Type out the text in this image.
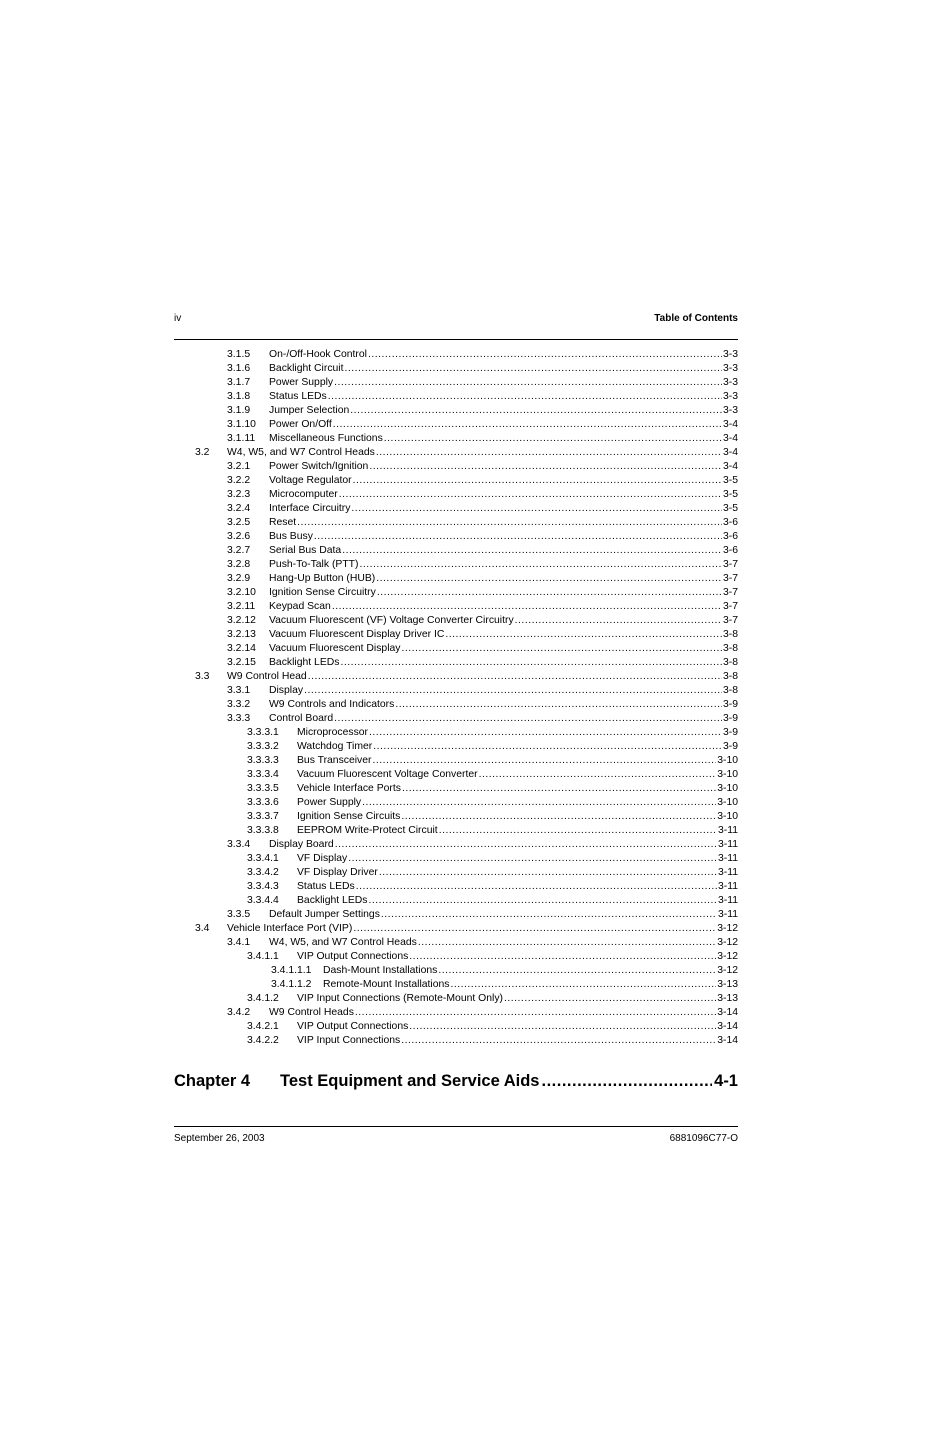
iv	Table of Contents
3.1.5	On-/Off-Hook Control .....	3-3
3.1.6	Backlight Circuit .....	3-3
3.1.7	Power Supply .....	3-3
3.1.8	Status LEDs .....	3-3
3.1.9	Jumper Selection .....	3-3
3.1.10	Power On/Off .....	3-4
3.1.11	Miscellaneous Functions .....	3-4
3.2	W4, W5, and W7 Control Heads .....	3-4
3.2.1	Power Switch/Ignition .....	3-4
3.2.2	Voltage Regulator .....	3-5
3.2.3	Microcomputer .....	3-5
3.2.4	Interface Circuitry .....	3-5
3.2.5	Reset .....	3-6
3.2.6	Bus Busy .....	3-6
3.2.7	Serial Bus Data .....	3-6
3.2.8	Push-To-Talk (PTT) .....	3-7
3.2.9	Hang-Up Button (HUB) .....	3-7
3.2.10	Ignition Sense Circuitry .....	3-7
3.2.11	Keypad Scan .....	3-7
3.2.12	Vacuum Fluorescent (VF) Voltage Converter Circuitry .....	3-7
3.2.13	Vacuum Fluorescent Display Driver IC .....	3-8
3.2.14	Vacuum Fluorescent Display .....	3-8
3.2.15	Backlight LEDs .....	3-8
3.3	W9 Control Head .....	3-8
3.3.1	Display .....	3-8
3.3.2	W9 Controls and Indicators .....	3-9
3.3.3	Control Board .....	3-9
3.3.3.1	Microprocessor .....	3-9
3.3.3.2	Watchdog Timer .....	3-9
3.3.3.3	Bus Transceiver .....	3-10
3.3.3.4	Vacuum Fluorescent Voltage Converter .....	3-10
3.3.3.5	Vehicle Interface Ports .....	3-10
3.3.3.6	Power Supply .....	3-10
3.3.3.7	Ignition Sense Circuits .....	3-10
3.3.3.8	EEPROM Write-Protect Circuit .....	3-11
3.3.4	Display Board .....	3-11
3.3.4.1	VF Display .....	3-11
3.3.4.2	VF Display Driver .....	3-11
3.3.4.3	Status LEDs .....	3-11
3.3.4.4	Backlight LEDs .....	3-11
3.3.5	Default Jumper Settings .....	3-11
3.4	Vehicle Interface Port (VIP) .....	3-12
3.4.1	W4, W5, and W7 Control Heads .....	3-12
3.4.1.1	VIP Output Connections .....	3-12
3.4.1.1.1	Dash-Mount Installations .....	3-12
3.4.1.1.2	Remote-Mount Installations .....	3-13
3.4.1.2	VIP Input Connections (Remote-Mount Only) .....	3-13
3.4.2	W9 Control Heads .....	3-14
3.4.2.1	VIP Output Connections .....	3-14
3.4.2.2	VIP Input Connections .....	3-14
Chapter 4	Test Equipment and Service Aids .....	4-1
September 26, 2003	6881096C77-O
